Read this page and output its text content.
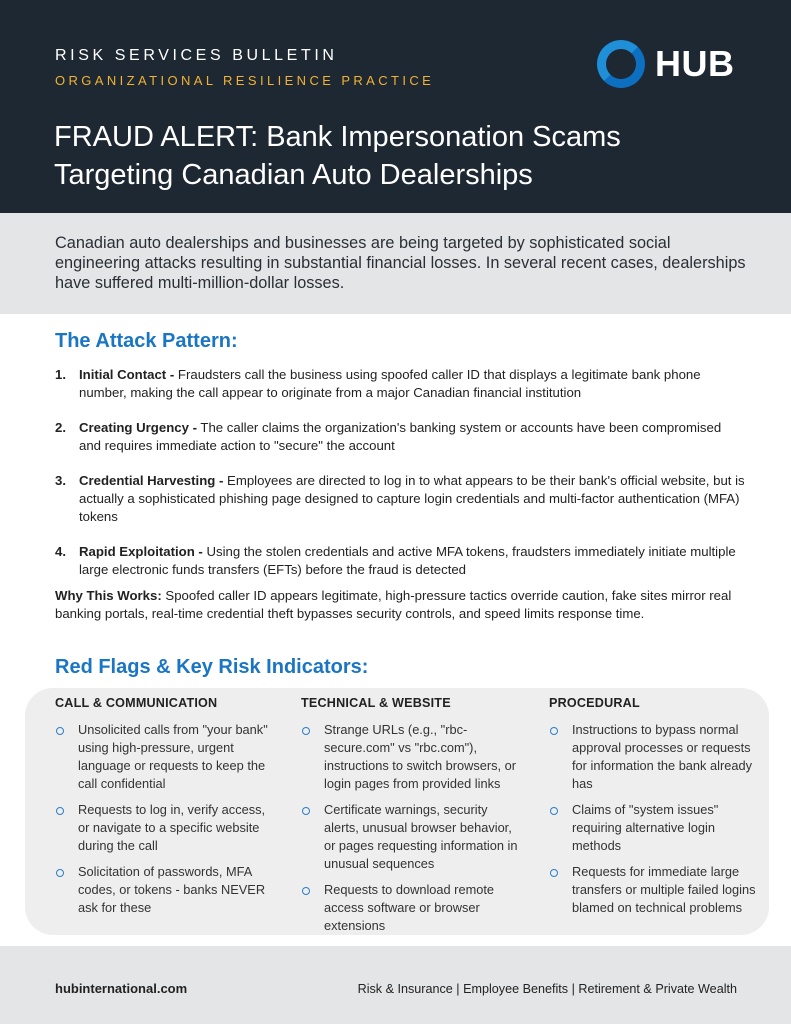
RISK SERVICES BULLETIN
ORGANIZATIONAL RESILIENCE PRACTICE	HUB
FRAUD ALERT: Bank Impersonation Scams
Targeting Canadian Auto Dealerships

Canadian auto dealerships and businesses are being targeted by sophisticated social engineering attacks resulting in substantial financial losses. In several recent cases, dealerships have suffered multi-million-dollar losses.

The Attack Pattern:
1. Initial Contact - Fraudsters call the business using spoofed caller ID that displays a legitimate bank phone number, making the call appear to originate from a major Canadian financial institution
2. Creating Urgency - The caller claims the organization's banking system or accounts have been compromised and requires immediate action to "secure" the account
3. Credential Harvesting - Employees are directed to log in to what appears to be their bank's official website, but is actually a sophisticated phishing page designed to capture login credentials and multi-factor authentication (MFA) tokens
4. Rapid Exploitation - Using the stolen credentials and active MFA tokens, fraudsters immediately initiate multiple large electronic funds transfers (EFTs) before the fraud is detected

Why This Works: Spoofed caller ID appears legitimate, high-pressure tactics override caution, fake sites mirror real banking portals, real-time credential theft bypasses security controls, and speed limits response time.

Red Flags & Key Risk Indicators:
CALL & COMMUNICATION
Unsolicited calls from "your bank" using high-pressure, urgent language or requests to keep the call confidential
Requests to log in, verify access, or navigate to a specific website during the call
Solicitation of passwords, MFA codes, or tokens - banks NEVER ask for these
TECHNICAL & WEBSITE
Strange URLs (e.g., "rbc-secure.com" vs "rbc.com"), instructions to switch browsers, or login pages from provided links
Certificate warnings, security alerts, unusual browser behavior, or pages requesting information in unusual sequences
Requests to download remote access software or browser extensions
PROCEDURAL
Instructions to bypass normal approval processes or requests for information the bank already has
Claims of "system issues" requiring alternative login methods
Requests for immediate large transfers or multiple failed logins blamed on technical problems
hubinternational.com	Risk & Insurance | Employee Benefits | Retirement & Private Wealth
